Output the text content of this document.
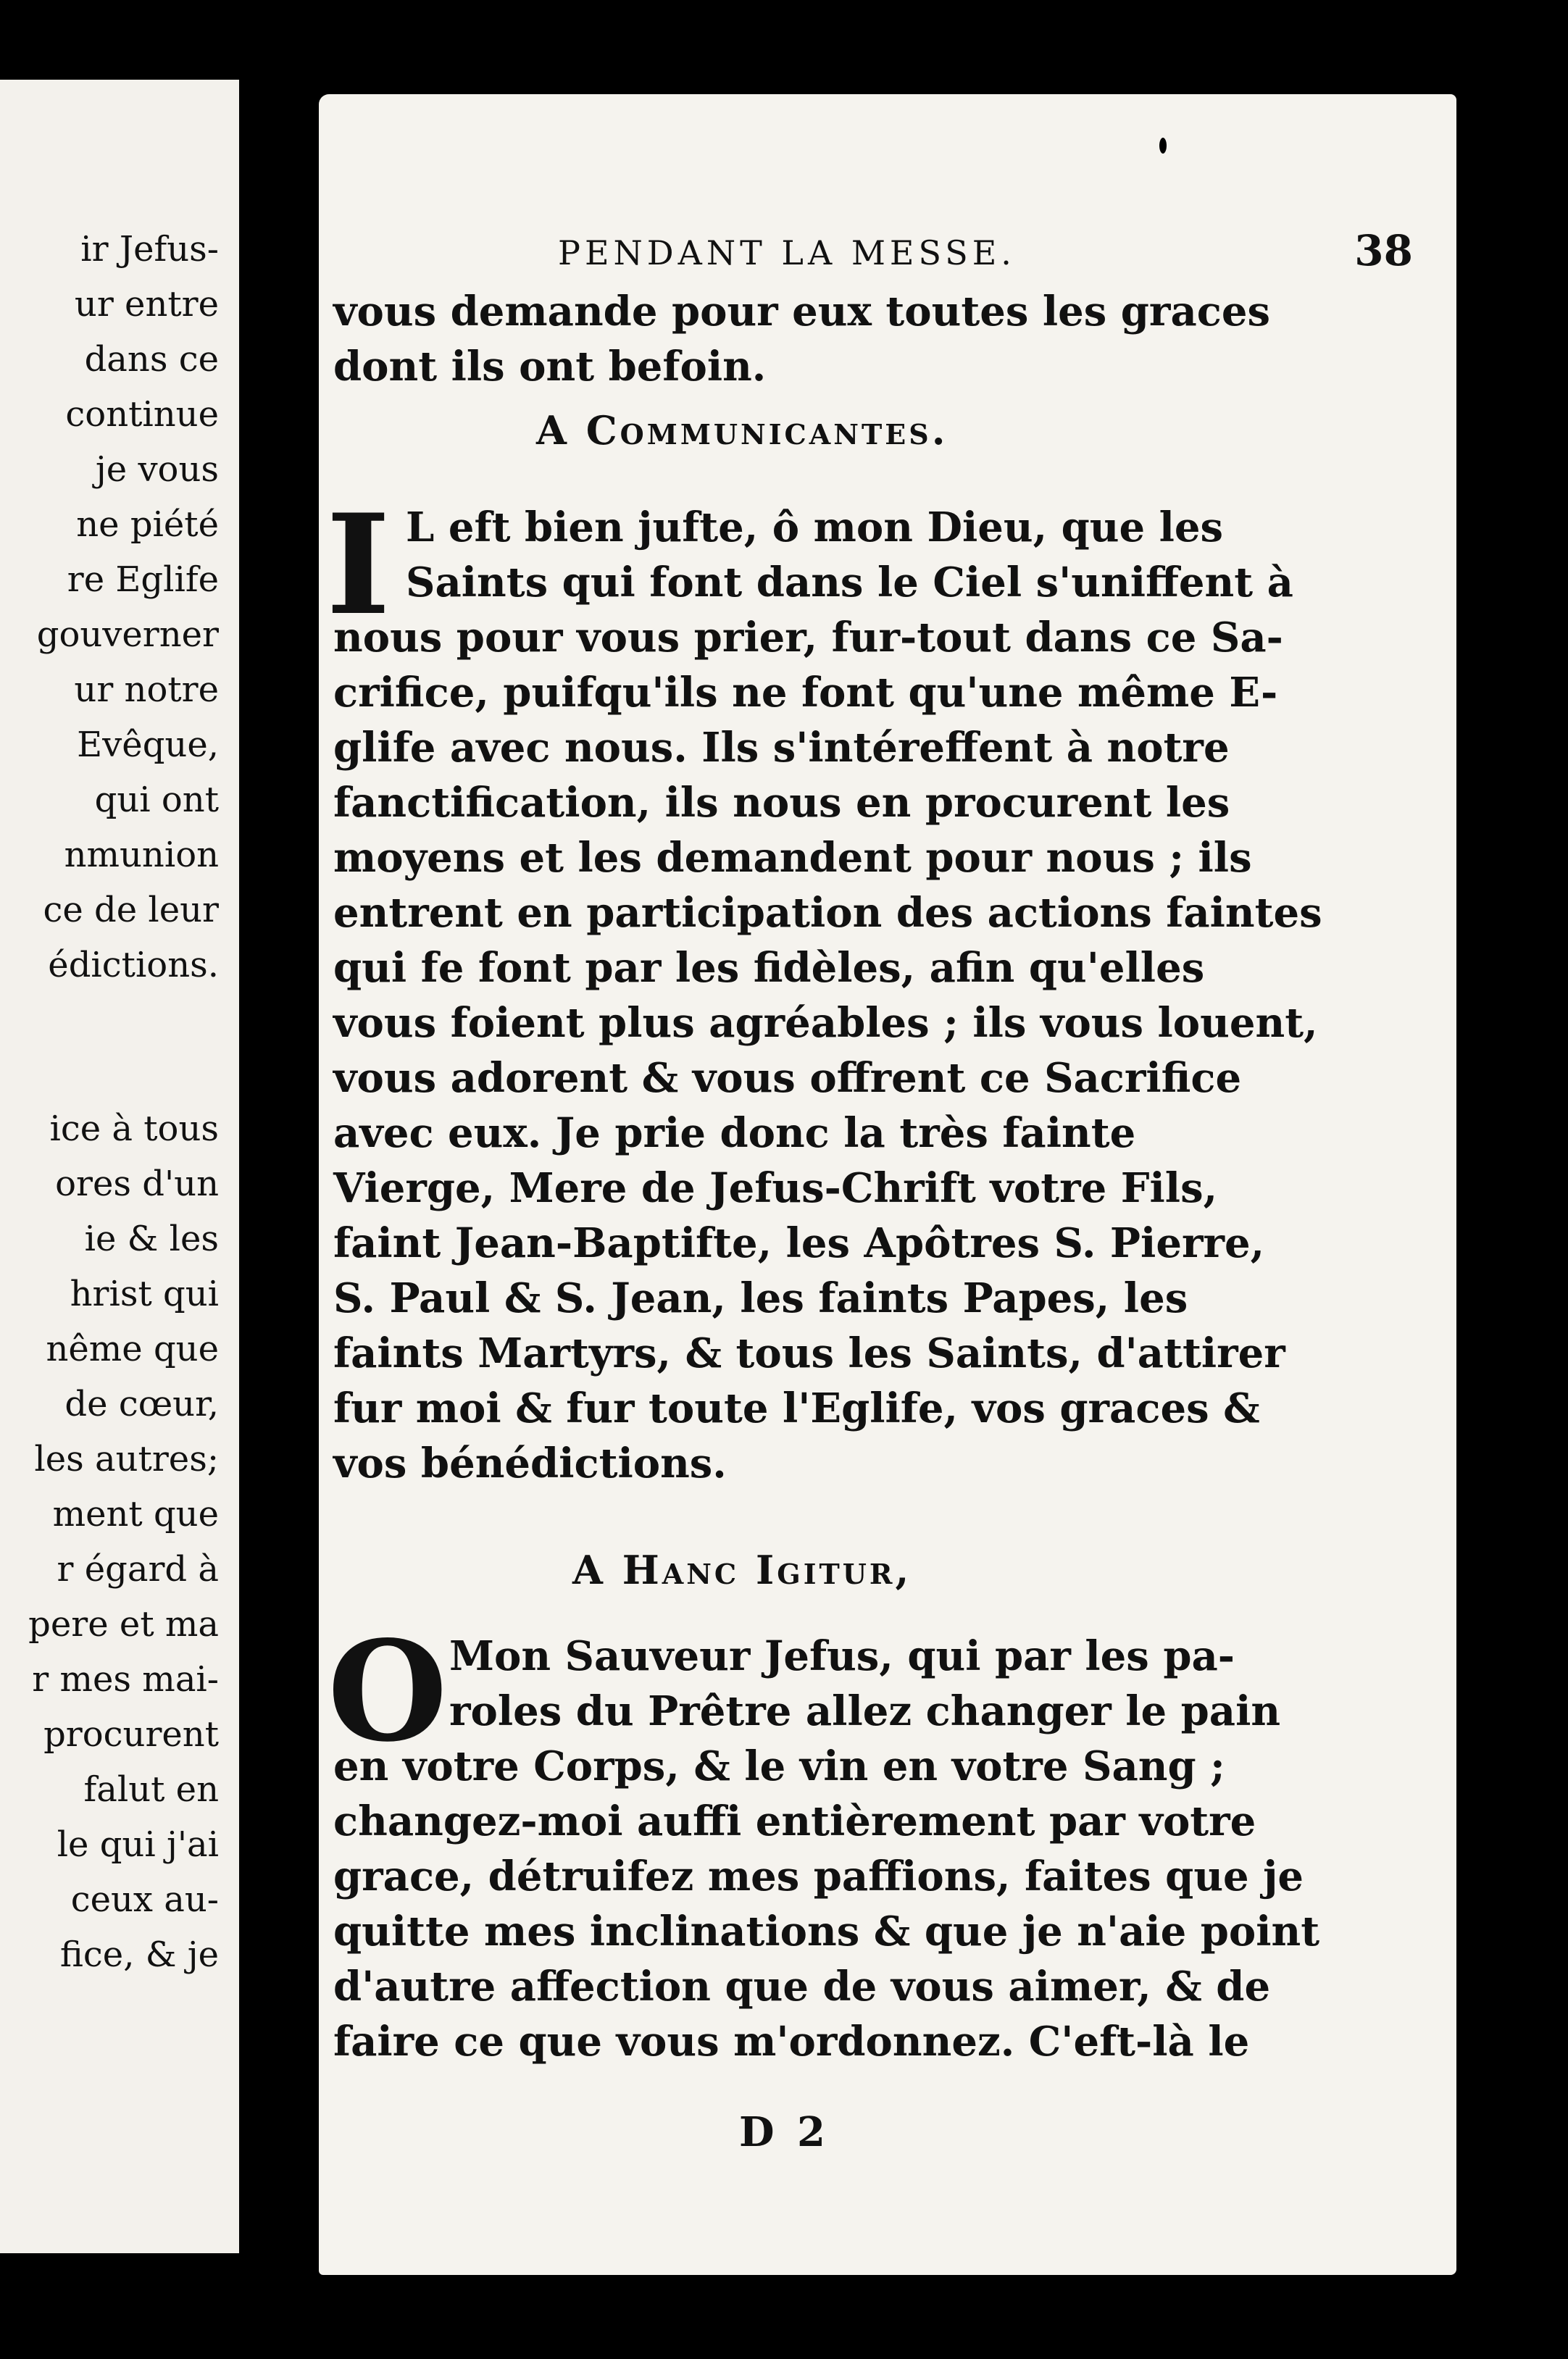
ir Jefus-
ur entre
dans ce
continue
je vous
ne piété
re Eglife
gouverner
ur notre
Evêque,
qui ont
nmunion
ce de leur
édictions.
ice à tous
ores d'un
ie & les
hrist qui
nême que
de cœur,
les autres;
ment que
r égard à
pere et ma
r mes mai-
procurent
falut en
le qui j'ai
ceux au-
fice, & je
PENDANT LA MESSE.	38
vous demande pour eux toutes les graces
dont ils ont befoin.
A Communicantes.
I L eft bien jufte, ô mon Dieu, que les
Saints qui font dans le Ciel s'uniffent à
nous pour vous prier, fur-tout dans ce Sa-
crifice, puifqu'ils ne font qu'une même E-
glife avec nous. Ils s'intéreffent à notre
fanctification, ils nous en procurent les
moyens et les demandent pour nous ; ils
entrent en participation des actions faintes
qui fe font par les fidèles, afin qu'elles
vous foient plus agréables ; ils vous louent,
vous adorent & vous offrent ce Sacrifice
avec eux. Je prie donc la très fainte
Vierge, Mere de Jefus-Chrift votre Fils,
faint Jean-Baptifte, les Apôtres S. Pierre,
S. Paul & S. Jean, les faints Papes, les
faints Martyrs, & tous les Saints, d'attirer
fur moi & fur toute l'Eglife, vos graces &
vos bénédictions.
A Hanc Igitur,
O Mon Sauveur Jefus, qui par les pa-
roles du Prêtre allez changer le pain
en votre Corps, & le vin en votre Sang ;
changez-moi auffi entièrement par votre
grace, détruifez mes paffions, faites que je
quitte mes inclinations & que je n'aie point
d'autre affection que de vous aimer, & de
faire ce que vous m'ordonnez. C'eft-là le
D 2
